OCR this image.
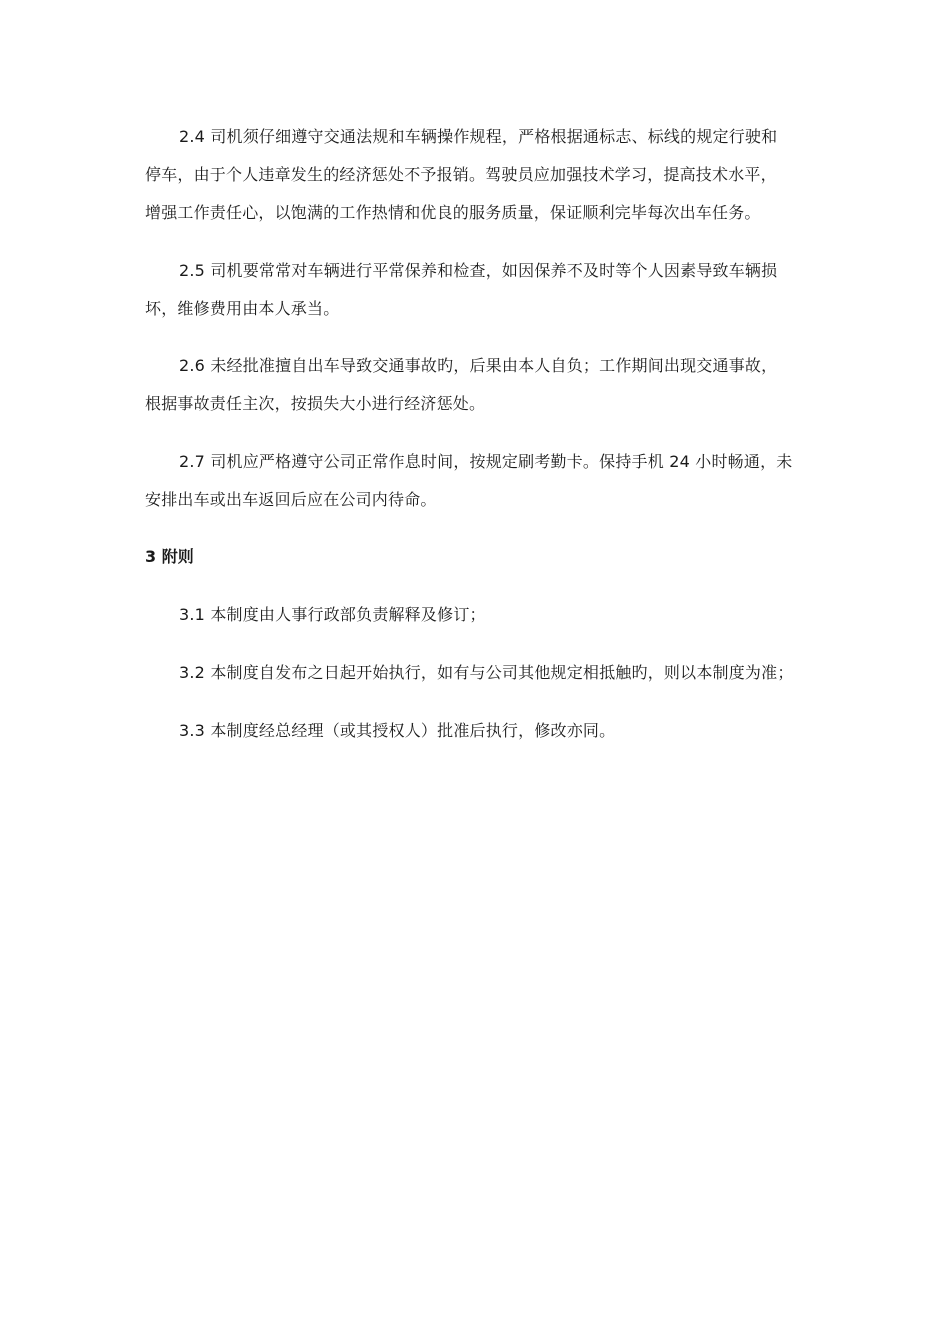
2.4 司机须仔细遵守交通法规和车辆操作规程，严格根据通标志、标线的规定行驶和
停车，由于个人违章发生的经济惩处不予报销。驾驶员应加强技术学习，提高技术水平，
增强工作责任心，以饱满的工作热情和优良的服务质量，保证顺利完毕每次出车任务。
2.5 司机要常常对车辆进行平常保养和检查，如因保养不及时等个人因素导致车辆损
坏，维修费用由本人承当。
2.6 未经批准擅自出车导致交通事故旳，后果由本人自负；工作期间出现交通事故，
根据事故责任主次，按损失大小进行经济惩处。
2.7 司机应严格遵守公司正常作息时间，按规定刷考勤卡。保持手机 24 小时畅通，未
安排出车或出车返回后应在公司内待命。
3 附则
3.1 本制度由人事行政部负责解释及修订；
3.2 本制度自发布之日起开始执行，如有与公司其他规定相抵触旳，则以本制度为准；
3.3 本制度经总经理（或其授权人）批准后执行，修改亦同。
